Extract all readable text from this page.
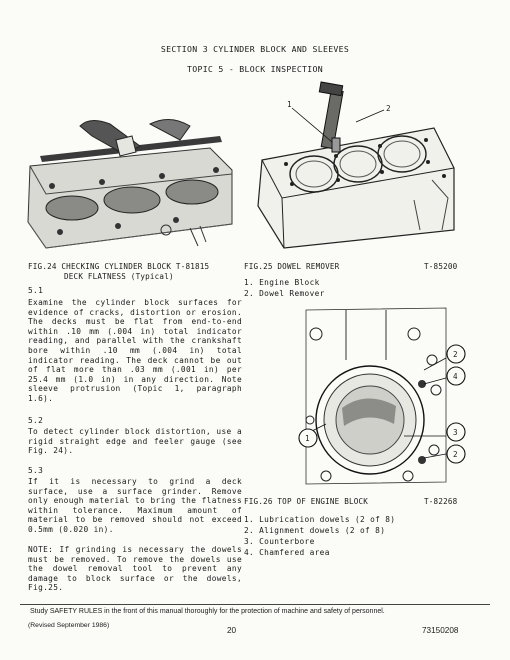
SECTION 3 CYLINDER BLOCK AND SLEEVES
TOPIC 5 - BLOCK INSPECTION
FIG.24 CHECKING CYLINDER BLOCK T-81815
DECK FLATNESS (Typical)
1	2
FIG.25 DOWEL REMOVER	T-85200
1. Engine Block
2. Dowel Remover
1
2
4
3
2
FIG.26 TOP OF ENGINE BLOCK	T-82268
1. Lubrication dowels (2 of 8)
2. Alignment dowels (2 of 8)
3. Counterbore
4. Chamfered area
5.1
Examine the cylinder block surfaces for evidence of cracks, distortion or erosion. The decks must be flat from end-to-end within .10 mm (.004 in) total indicator reading, and parallel with the crankshaft bore within .10 mm (.004 in) total indicator reading. The deck cannot be out of flat more than .03 mm (.001 in) per 25.4 mm (1.0 in) in any direction. Note sleeve protrusion (Topic 1, paragraph 1.6).
5.2
To detect cylinder block distortion, use a rigid straight edge and feeler gauge (see Fig. 24).
5.3
If it is necessary to grind a deck surface, use a surface grinder. Remove only enough material to bring the flatness within tolerance. Maximum amount of material to be removed should not exceed 0.5mm (0.020 in).
NOTE: If grinding is necessary the dowels must be removed. To remove the dowels use the dowel removal tool to prevent any damage to block surface or the dowels, Fig.25.
Study SAFETY RULES in the front of this manual thoroughly for the protection of machine and safety of personnel.
(Revised September 1986)
20	73150208
